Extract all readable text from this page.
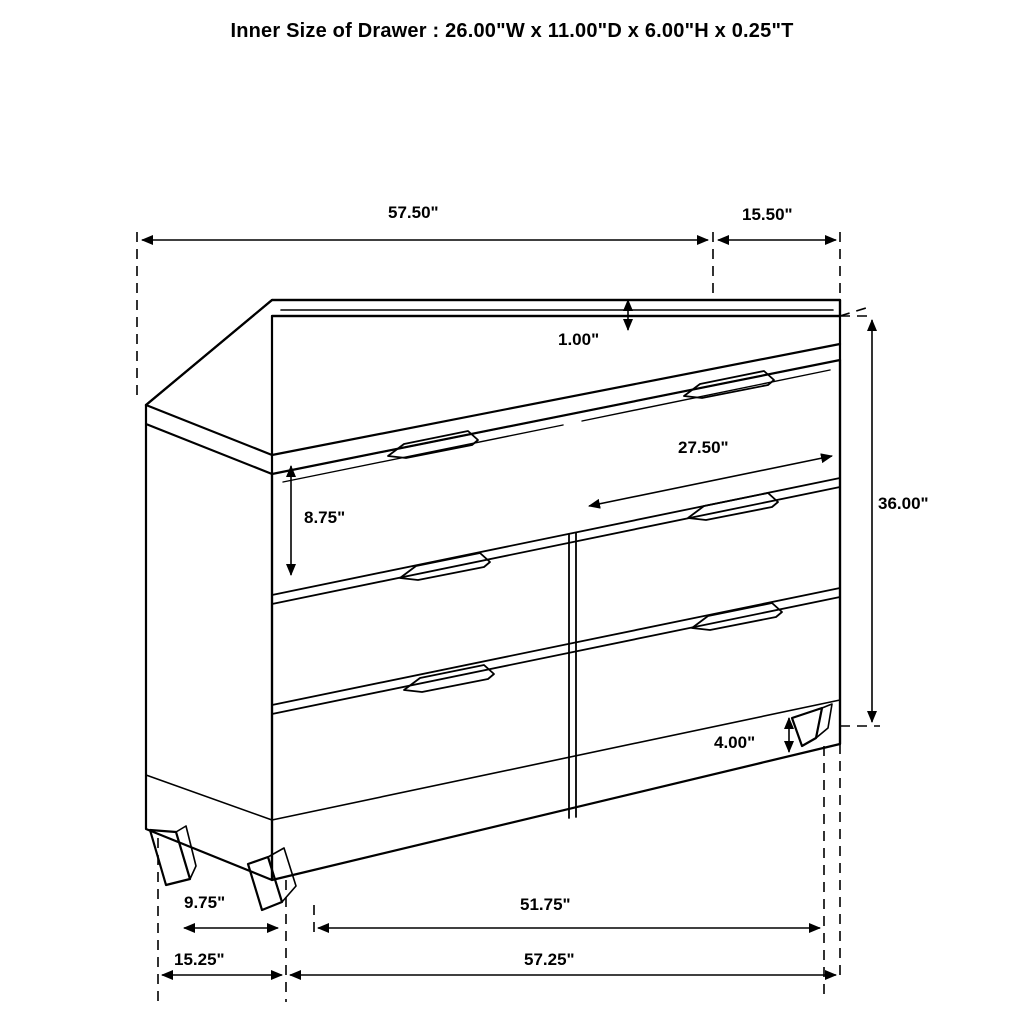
Inner Size of Drawer : 26.00"W x 11.00"D x 6.00"H x 0.25"T
57.50"	15.50"
1.00"
27.50"
8.75"
36.00"
4.00"
9.75"
15.25"
51.75"
57.25"
